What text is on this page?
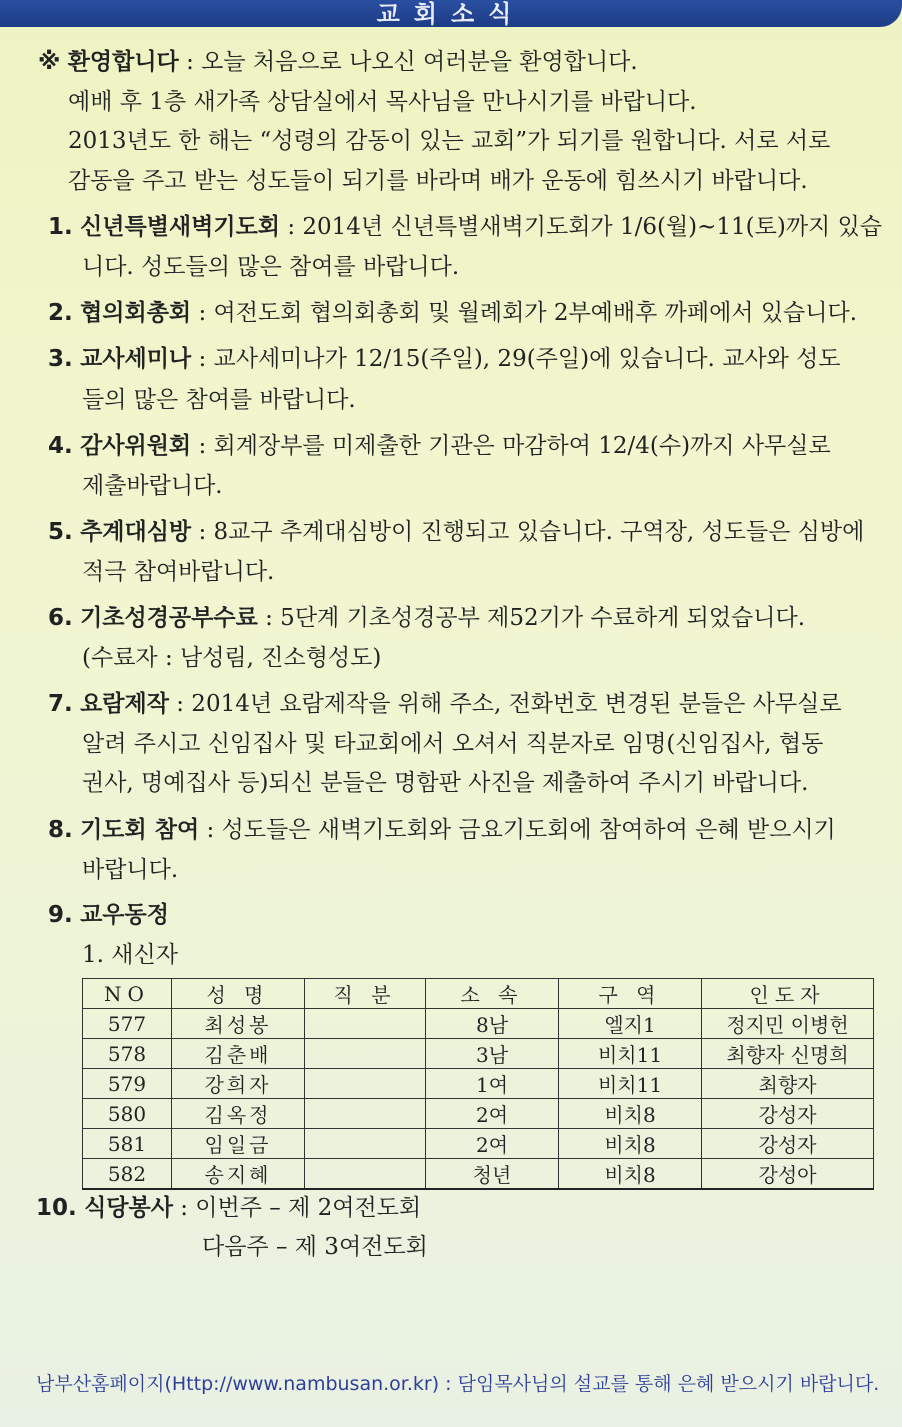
교회소식
※ 환영합니다 : 오늘 처음으로 나오신 여러분을 환영합니다.
예배 후 1층 새가족 상담실에서 목사님을 만나시기를 바랍니다.
2013년도 한 해는 “성령의 감동이 있는 교회”가 되기를 원합니다. 서로 서로
감동을 주고 받는 성도들이 되기를 바라며 배가 운동에 힘쓰시기 바랍니다.
1. 신년특별새벽기도회 : 2014년 신년특별새벽기도회가 1/6(월)~11(토)까지 있습
니다. 성도들의 많은 참여를 바랍니다.
2. 협의회총회 : 여전도회 협의회총회 및 월례회가 2부예배후 까페에서 있습니다.
3. 교사세미나 : 교사세미나가 12/15(주일), 29(주일)에 있습니다. 교사와 성도
들의 많은 참여를 바랍니다.
4. 감사위원회 : 회계장부를 미제출한 기관은 마감하여 12/4(수)까지 사무실로
제출바랍니다.
5. 추계대심방 : 8교구 추계대심방이 진행되고 있습니다. 구역장, 성도들은 심방에
적극 참여바랍니다.
6. 기초성경공부수료 : 5단계 기초성경공부 제52기가 수료하게 되었습니다.
(수료자 : 남성림, 진소형성도)
7. 요람제작 : 2014년 요람제작을 위해 주소, 전화번호 변경된 분들은 사무실로
알려 주시고 신임집사 및 타교회에서 오셔서 직분자로 임명(신임집사, 협동
권사, 명예집사 등)되신 분들은 명함판 사진을 제출하여 주시기 바랍니다.
8. 기도회 참여 : 성도들은 새벽기도회와 금요기도회에 참여하여 은혜 받으시기
바랍니다.
9. 교우동정
1. 새신자
NO	성 명	직 분	소 속	구 역	인도자
577	최성봉		8남	엘지1	정지민 이병헌
578	김춘배		3남	비치11	최향자 신명희
579	강희자		1여	비치11	최향자
580	김옥정		2여	비치8	강성자
581	임일금		2여	비치8	강성자
582	송지혜		청년	비치8	강성아
10. 식당봉사 : 이번주 – 제 2여전도회
다음주 – 제 3여전도회
남부산홈페이지(Http://www.nambusan.or.kr) : 담임목사님의 설교를 통해 은혜 받으시기 바랍니다.
